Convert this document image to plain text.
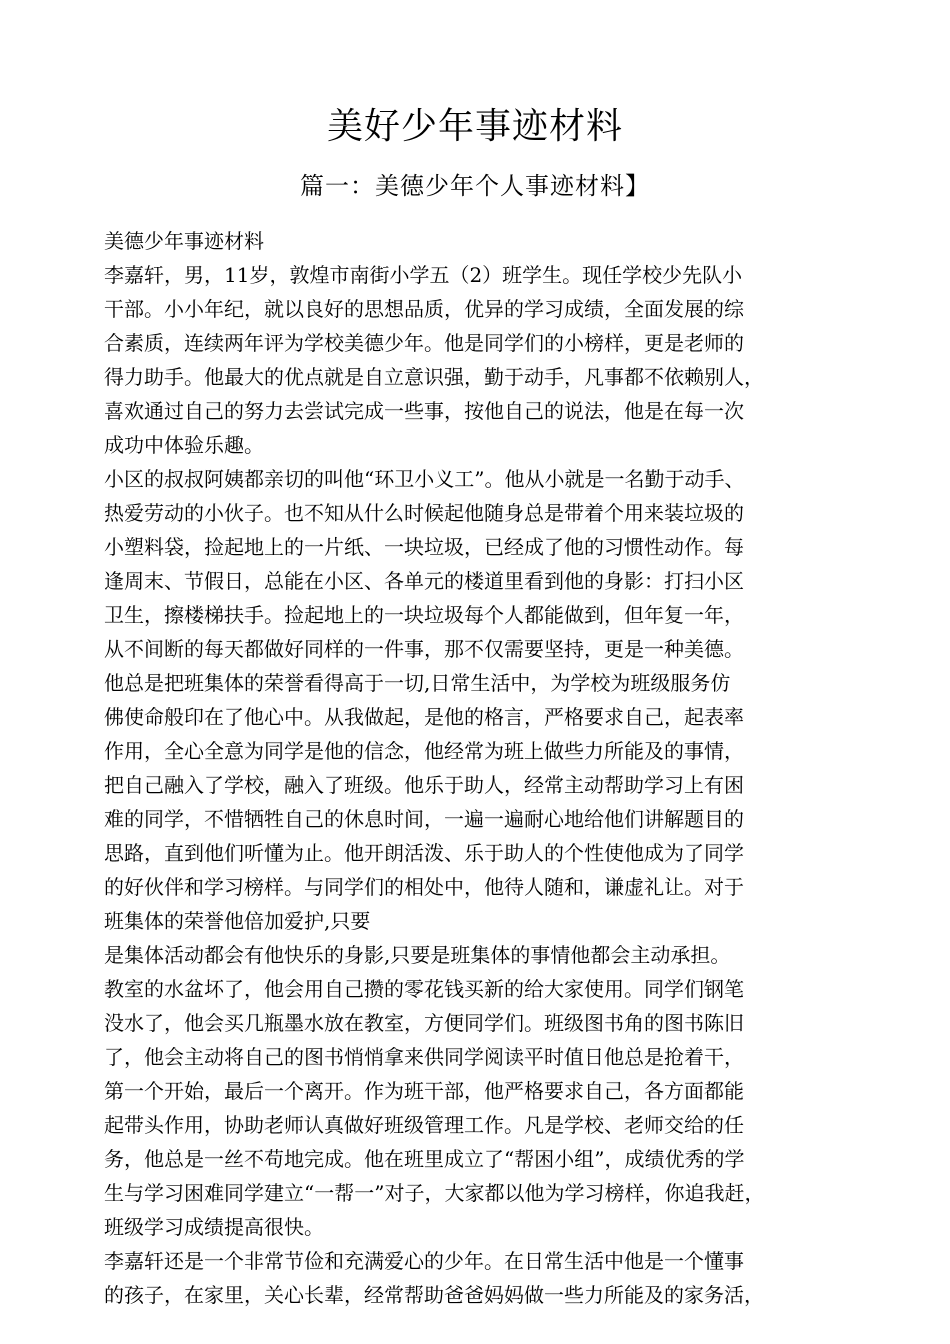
美好少年事迹材料
篇一：美德少年个人事迹材料】
美德少年事迹材料
李嘉轩，男，11岁，敦煌市南街小学五（2）班学生。现任学校少先队小
干部。小小年纪，就以良好的思想品质，优异的学习成绩，全面发展的综
合素质，连续两年评为学校美德少年。他是同学们的小榜样，更是老师的
得力助手。他最大的优点就是自立意识强，勤于动手，凡事都不依赖别人，
喜欢通过自己的努力去尝试完成一些事，按他自己的说法，他是在每一次
成功中体验乐趣。
小区的叔叔阿姨都亲切的叫他“环卫小义工”。他从小就是一名勤于动手、
热爱劳动的小伙子。也不知从什么时候起他随身总是带着个用来装垃圾的
小塑料袋，捡起地上的一片纸、一块垃圾，已经成了他的习惯性动作。每
逢周末、节假日，总能在小区、各单元的楼道里看到他的身影：打扫小区
卫生，擦楼梯扶手。捡起地上的一块垃圾每个人都能做到，但年复一年，
从不间断的每天都做好同样的一件事，那不仅需要坚持，更是一种美德。
他总是把班集体的荣誉看得高于一切,日常生活中，为学校为班级服务仿
佛使命般印在了他心中。从我做起，是他的格言，严格要求自己，起表率
作用，全心全意为同学是他的信念，他经常为班上做些力所能及的事情，
把自己融入了学校，融入了班级。他乐于助人，经常主动帮助学习上有困
难的同学，不惜牺牲自己的休息时间，一遍一遍耐心地给他们讲解题目的
思路，直到他们听懂为止。他开朗活泼、乐于助人的个性使他成为了同学
的好伙伴和学习榜样。与同学们的相处中，他待人随和，谦虚礼让。对于
班集体的荣誉他倍加爱护,只要
是集体活动都会有他快乐的身影,只要是班集体的事情他都会主动承担。
教室的水盆坏了，他会用自己攒的零花钱买新的给大家使用。同学们钢笔
没水了，他会买几瓶墨水放在教室，方便同学们。班级图书角的图书陈旧
了，他会主动将自己的图书悄悄拿来供同学阅读平时值日他总是抢着干，
第一个开始，最后一个离开。作为班干部，他严格要求自己，各方面都能
起带头作用，协助老师认真做好班级管理工作。凡是学校、老师交给的任
务，他总是一丝不苟地完成。他在班里成立了“帮困小组”，成绩优秀的学
生与学习困难同学建立“一帮一”对子，大家都以他为学习榜样，你追我赶，
班级学习成绩提高很快。
李嘉轩还是一个非常节俭和充满爱心的少年。在日常生活中他是一个懂事
的孩子，在家里，关心长辈，经常帮助爸爸妈妈做一些力所能及的家务活，
